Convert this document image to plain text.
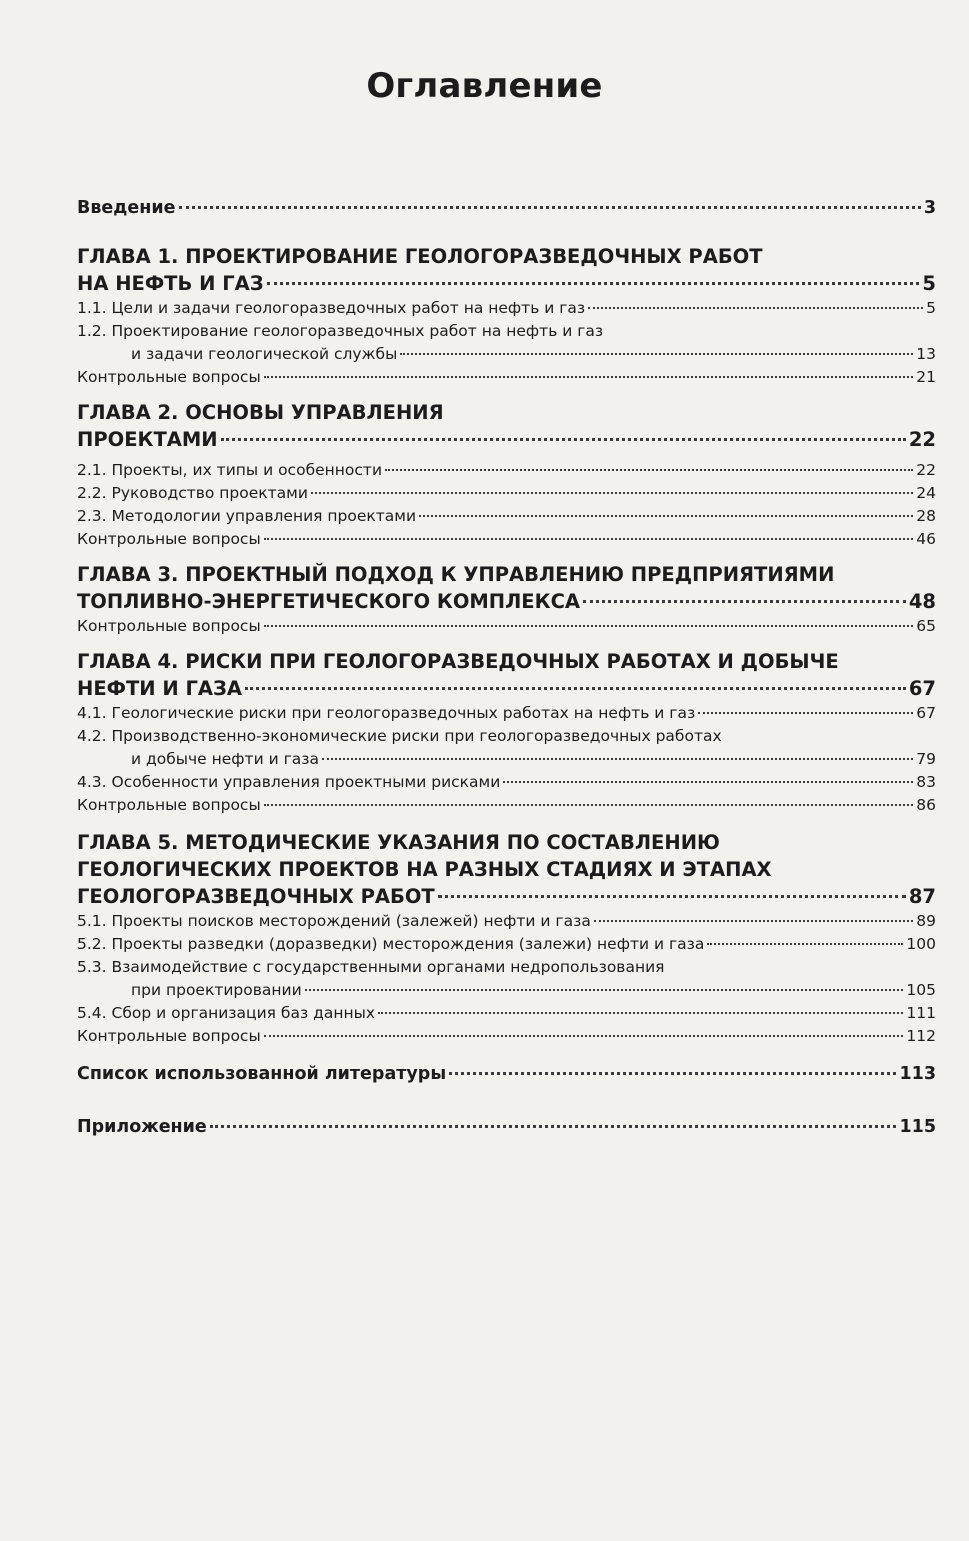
Оглавление
Введение	3
ГЛАВА 1. ПРОЕКТИРОВАНИЕ ГЕОЛОГОРАЗВЕДОЧНЫХ РАБОТ
НА НЕФТЬ И ГАЗ	5
1.1. Цели и задачи геологоразведочных работ на нефть и газ	5
1.2. Проектирование геологоразведочных работ на нефть и газ
и задачи геологической службы	13
Контрольные вопросы	21
ГЛАВА 2. ОСНОВЫ УПРАВЛЕНИЯ
ПРОЕКТАМИ	22
2.1. Проекты, их типы и особенности	22
2.2. Руководство проектами	24
2.3. Методологии управления проектами	28
Контрольные вопросы	46
ГЛАВА 3. ПРОЕКТНЫЙ ПОДХОД К УПРАВЛЕНИЮ ПРЕДПРИЯТИЯМИ
ТОПЛИВНО-ЭНЕРГЕТИЧЕСКОГО КОМПЛЕКСА	48
Контрольные вопросы	65
ГЛАВА 4. РИСКИ ПРИ ГЕОЛОГОРАЗВЕДОЧНЫХ РАБОТАХ И ДОБЫЧЕ
НЕФТИ И ГАЗА	67
4.1. Геологические риски при геологоразведочных работах на нефть и газ	67
4.2. Производственно-экономические риски при геологоразведочных работах
и добыче нефти и газа	79
4.3. Особенности управления проектными рисками	83
Контрольные вопросы	86
ГЛАВА 5. МЕТОДИЧЕСКИЕ УКАЗАНИЯ ПО СОСТАВЛЕНИЮ
ГЕОЛОГИЧЕСКИХ ПРОЕКТОВ НА РАЗНЫХ СТАДИЯХ И ЭТАПАХ
ГЕОЛОГОРАЗВЕДОЧНЫХ РАБОТ	87
5.1. Проекты поисков месторождений (залежей) нефти и газа	89
5.2. Проекты разведки (доразведки) месторождения (залежи) нефти и газа	100
5.3. Взаимодействие с государственными органами недропользования
при проектировании	105
5.4. Сбор и организация баз данных	111
Контрольные вопросы	112
Список использованной литературы	113
Приложение	115
